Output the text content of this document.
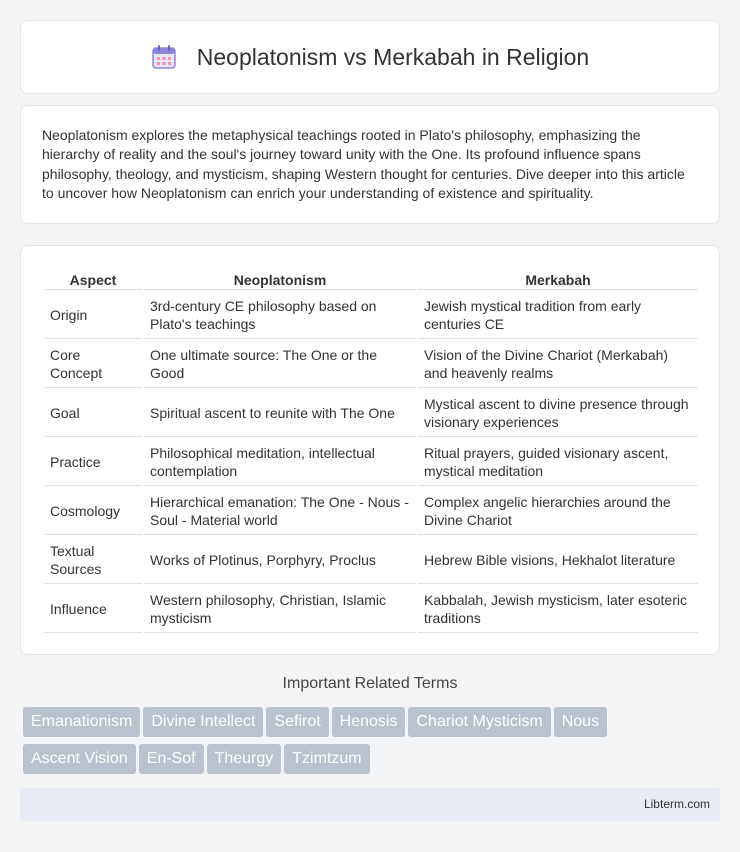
Neoplatonism vs Merkabah in Religion

Neoplatonism explores the metaphysical teachings rooted in Plato's philosophy, emphasizing the hierarchy of reality and the soul's journey toward unity with the One. Its profound influence spans philosophy, theology, and mysticism, shaping Western thought for centuries. Dive deeper into this article to uncover how Neoplatonism can enrich your understanding of existence and spirituality.

Aspect	Neoplatonism	Merkabah
Origin	3rd-century CE philosophy based on Plato's teachings	Jewish mystical tradition from early centuries CE
Core Concept	One ultimate source: The One or the Good	Vision of the Divine Chariot (Merkabah) and heavenly realms
Goal	Spiritual ascent to reunite with The One	Mystical ascent to divine presence through visionary experiences
Practice	Philosophical meditation, intellectual contemplation	Ritual prayers, guided visionary ascent, mystical meditation
Cosmology	Hierarchical emanation: The One - Nous - Soul - Material world	Complex angelic hierarchies around the Divine Chariot
Textual Sources	Works of Plotinus, Porphyry, Proclus	Hebrew Bible visions, Hekhalot literature
Influence	Western philosophy, Christian, Islamic mysticism	Kabbalah, Jewish mysticism, later esoteric traditions
Important Related Terms
Emanationism Divine Intellect Sefirot Henosis Chariot Mysticism Nous
Ascent Vision En-Sof Theurgy Tzimtzum
Libterm.com
